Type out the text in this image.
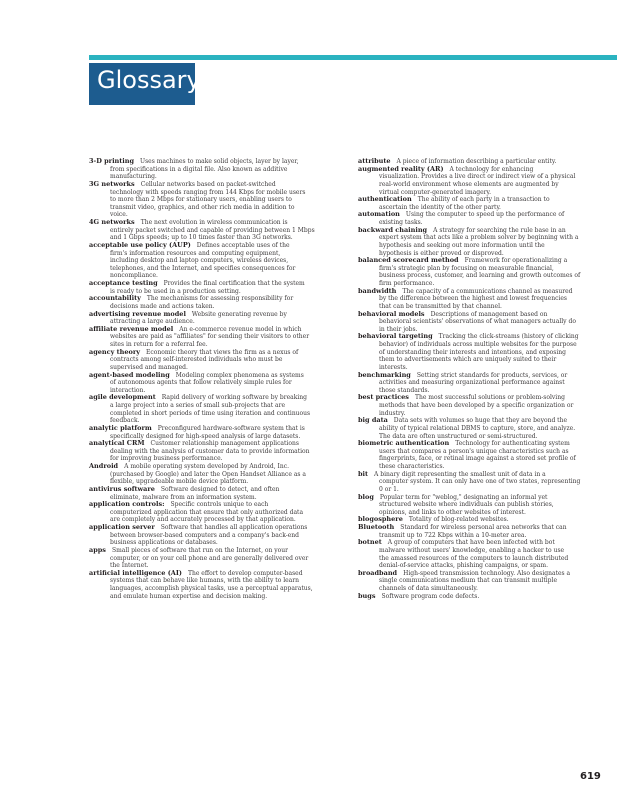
Glossary
3-D printing   Uses machines to make solid objects, layer by layer,
from specifications in a digital file. Also known as additive
manufacturing.
3G networks   Cellular networks based on packet-switched
technology with speeds ranging from 144 Kbps for mobile users
to more than 2 Mbps for stationary users, enabling users to
transmit video, graphics, and other rich media in addition to
voice.
4G networks   The next evolution in wireless communication is
entirely packet switched and capable of providing between 1 Mbps
and 1 Gbps speeds; up to 10 times faster than 3G networks.
acceptable use policy (AUP)   Defines acceptable uses of the
firm's information resources and computing equipment,
including desktop and laptop computers, wireless devices,
telephones, and the Internet, and specifies consequences for
noncompliance.
acceptance testing   Provides the final certification that the system
is ready to be used in a production setting.
accountability   The mechanisms for assessing responsibility for
decisions made and actions taken.
advertising revenue model   Website generating revenue by
attracting a large audience.
affiliate revenue model   An e-commerce revenue model in which
websites are paid as "affiliates" for sending their visitors to other
sites in return for a referral fee.
agency theory   Economic theory that views the firm as a nexus of
contracts among self-interested individuals who must be
supervised and managed.
agent-based modeling   Modeling complex phenomena as systems
of autonomous agents that follow relatively simple rules for
interaction.
agile development   Rapid delivery of working software by breaking
a large project into a series of small sub-projects that are
completed in short periods of time using iteration and continuous
feedback.
analytic platform   Preconfigured hardware-software system that is
specifically designed for high-speed analysis of large datasets.
analytical CRM   Customer relationship management applications
dealing with the analysis of customer data to provide information
for improving business performance.
Android   A mobile operating system developed by Android, Inc.
(purchased by Google) and later the Open Handset Alliance as a
flexible, upgradeable mobile device platform.
antivirus software   Software designed to detect, and often
eliminate, malware from an information system.
application controls:   Specific controls unique to each
computerized application that ensure that only authorized data
are completely and accurately processed by that application.
application server   Software that handles all application operations
between browser-based computers and a company's back-end
business applications or databases.
apps   Small pieces of software that run on the Internet, on your
computer, or on your cell phone and are generally delivered over
the Internet.
artificial intelligence (AI)   The effort to develop computer-based
systems that can behave like humans, with the ability to learn
languages, accomplish physical tasks, use a perceptual apparatus,
and emulate human expertise and decision making.
attribute   A piece of information describing a particular entity.
augmented reality (AR)   A technology for enhancing
visualization. Provides a live direct or indirect view of a physical
real-world environment whose elements are augmented by
virtual computer-generated imagery.
authentication   The ability of each party in a transaction to
ascertain the identity of the other party.
automation   Using the computer to speed up the performance of
existing tasks.
backward chaining   A strategy for searching the rule base in an
expert system that acts like a problem solver by beginning with a
hypothesis and seeking out more information until the
hypothesis is either proved or disproved.
balanced scorecard method   Framework for operationalizing a
firm's strategic plan by focusing on measurable financial,
business process, customer, and learning and growth outcomes of
firm performance.
bandwidth   The capacity of a communications channel as measured
by the difference between the highest and lowest frequencies
that can be transmitted by that channel.
behavioral models   Descriptions of management based on
behavioral scientists' observations of what managers actually do
in their jobs.
behavioral targeting   Tracking the click-streams (history of clicking
behavior) of individuals across multiple websites for the purpose
of understanding their interests and intentions, and exposing
them to advertisements which are uniquely suited to their
interests.
benchmarking   Setting strict standards for products, services, or
activities and measuring organizational performance against
those standards.
best practices   The most successful solutions or problem-solving
methods that have been developed by a specific organization or
industry.
big data   Data sets with volumes so huge that they are beyond the
ability of typical relational DBMS to capture, store, and analyze.
The data are often unstructured or semi-structured.
biometric authentication   Technology for authenticating system
users that compares a person's unique characteristics such as
fingerprints, face, or retinal image against a stored set profile of
these characteristics.
bit   A binary digit representing the smallest unit of data in a
computer system. It can only have one of two states, representing
0 or 1.
blog   Popular term for "weblog," designating an informal yet
structured website where individuals can publish stories,
opinions, and links to other websites of interest.
blogosphere   Totality of blog-related websites.
Bluetooth   Standard for wireless personal area networks that can
transmit up to 722 Kbps within a 10-meter area.
botnet   A group of computers that have been infected with bot
malware without users' knowledge, enabling a hacker to use
the amassed resources of the computers to launch distributed
denial-of-service attacks, phishing campaigns, or spam.
broadband   High-speed transmission technology. Also designates a
single communications medium that can transmit multiple
channels of data simultaneously.
bugs   Software program code defects.
619
